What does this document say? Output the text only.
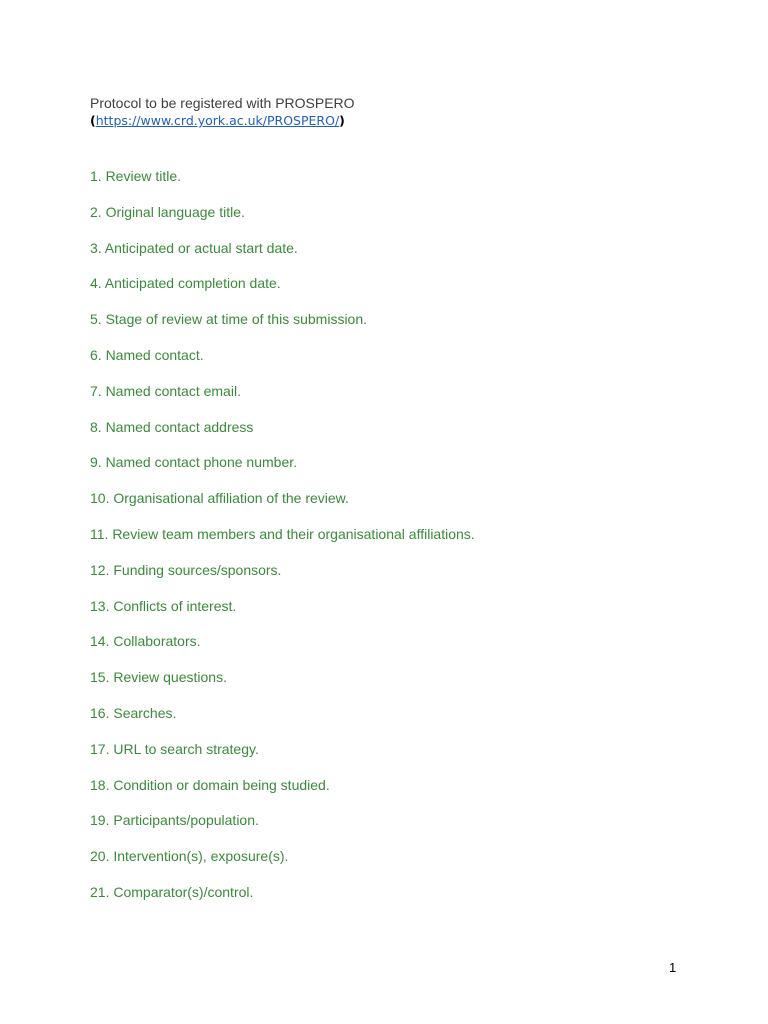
Protocol to be registered with PROSPERO
(https://www.crd.york.ac.uk/PROSPERO/)
1. Review title.
2. Original language title.
3. Anticipated or actual start date.
4. Anticipated completion date.
5. Stage of review at time of this submission.
6. Named contact.
7. Named contact email.
8. Named contact address
9. Named contact phone number.
10. Organisational affiliation of the review.
11. Review team members and their organisational affiliations.
12. Funding sources/sponsors.
13. Conflicts of interest.
14. Collaborators.
15. Review questions.
16. Searches.
17. URL to search strategy.
18. Condition or domain being studied.
19. Participants/population.
20. Intervention(s), exposure(s).
21. Comparator(s)/control.
1
